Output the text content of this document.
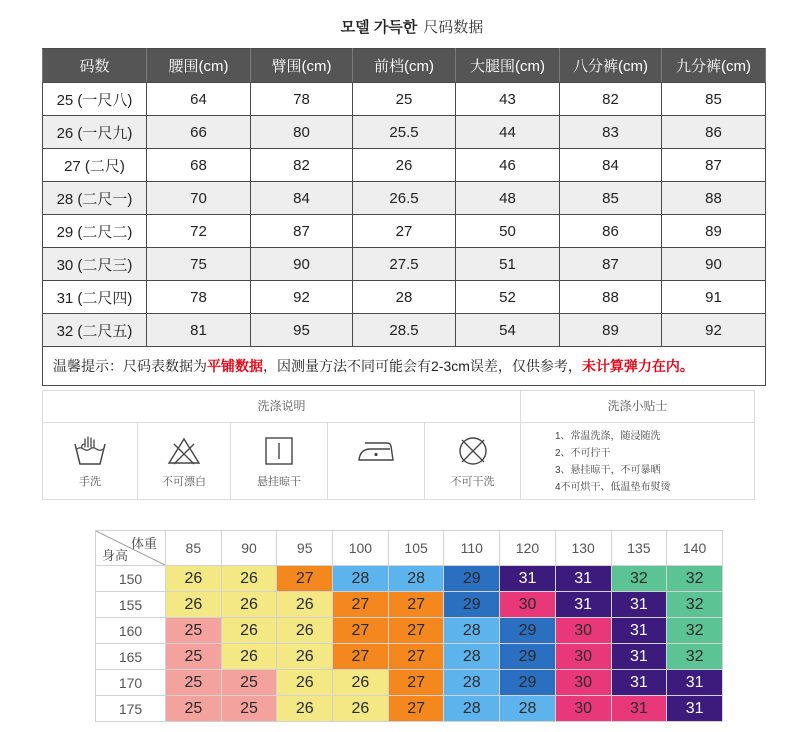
모델 가득한 尺码数据
码数	腰围(cm)	臂围(cm)	前档(cm)	大腿围(cm)	八分裤(cm)	九分裤(cm)
25 (一尺八)	64	78	25	43	82	85
26 (一尺九)	66	80	25.5	44	83	86
27 (二尺)	68	82	26	46	84	87
28 (二尺一)	70	84	26.5	48	85	88
29 (二尺二)	72	87	27	50	86	89
30 (二尺三)	75	90	27.5	51	87	90
31 (二尺四)	78	92	28	52	88	91
32 (二尺五)	81	95	28.5	54	89	92
温馨提示：尺码表数据为平铺数据，因测量方法不同可能会有2-3cm误差，仅供参考，未计算弹力在内。						
洗涤说明	洗涤小贴士
手洗	不可漂白	悬挂晾干	不可干洗
1、常温洗涤，随浸随洗
2、不可拧干
3、悬挂晾干，不可暴晒
4不可烘干、低温垫布熨烫
体重
身高	85	90	95	100	105	110	120	130	135	140
150	26	26	27	28	28	29	31	31	32	32
155	26	26	26	27	27	29	30	31	31	32
160	25	26	26	27	27	28	29	30	31	32
165	25	26	26	27	27	28	29	30	31	32
170	25	25	26	26	27	28	29	30	31	31
175	25	25	26	26	27	28	28	30	31	31
